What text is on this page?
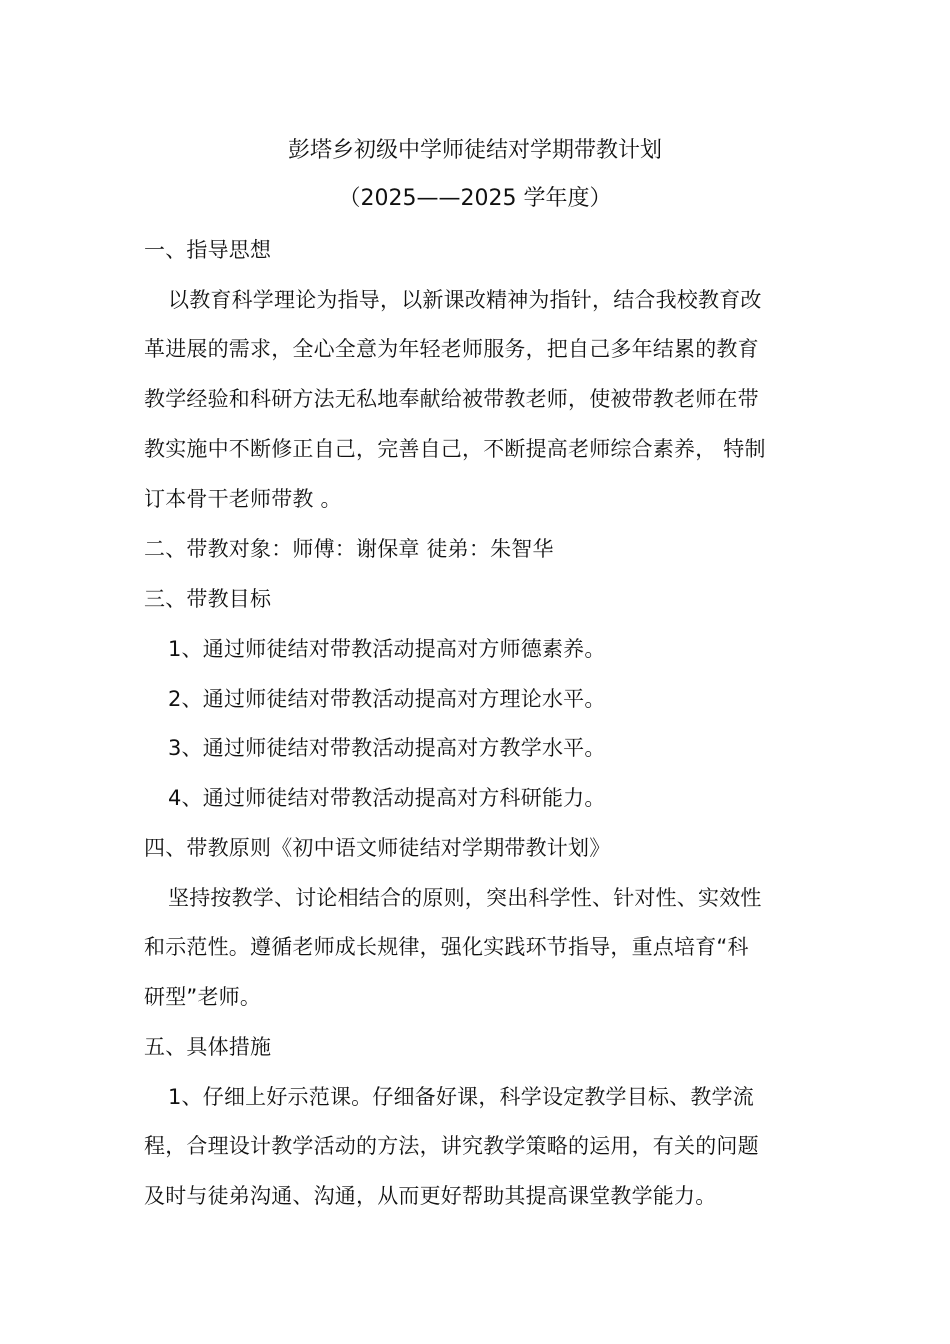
彭塔乡初级中学师徒结对学期带教计划
（2025——2025 学年度）
一、指导思想
以教育科学理论为指导，以新课改精神为指针，结合我校教育改
革进展的需求，全心全意为年轻老师服务，把自己多年结累的教育
教学经验和科研方法无私地奉献给被带教老师，使被带教老师在带
教实施中不断修正自己，完善自己，不断提高老师综合素养， 特制
订本骨干老师带教 。
二、带教对象：师傅：谢保章 徒弟：朱智华
三、带教目标
1、通过师徒结对带教活动提高对方师德素养。
2、通过师徒结对带教活动提高对方理论水平。
3、通过师徒结对带教活动提高对方教学水平。
4、通过师徒结对带教活动提高对方科研能力。
四、带教原则《初中语文师徒结对学期带教计划》
坚持按教学、讨论相结合的原则，突出科学性、针对性、实效性
和示范性。遵循老师成长规律，强化实践环节指导，重点培育“科
研型”老师。
五、具体措施
1、仔细上好示范课。仔细备好课，科学设定教学目标、教学流
程，合理设计教学活动的方法，讲究教学策略的运用，有关的问题
及时与徒弟沟通、沟通，从而更好帮助其提高课堂教学能力。
